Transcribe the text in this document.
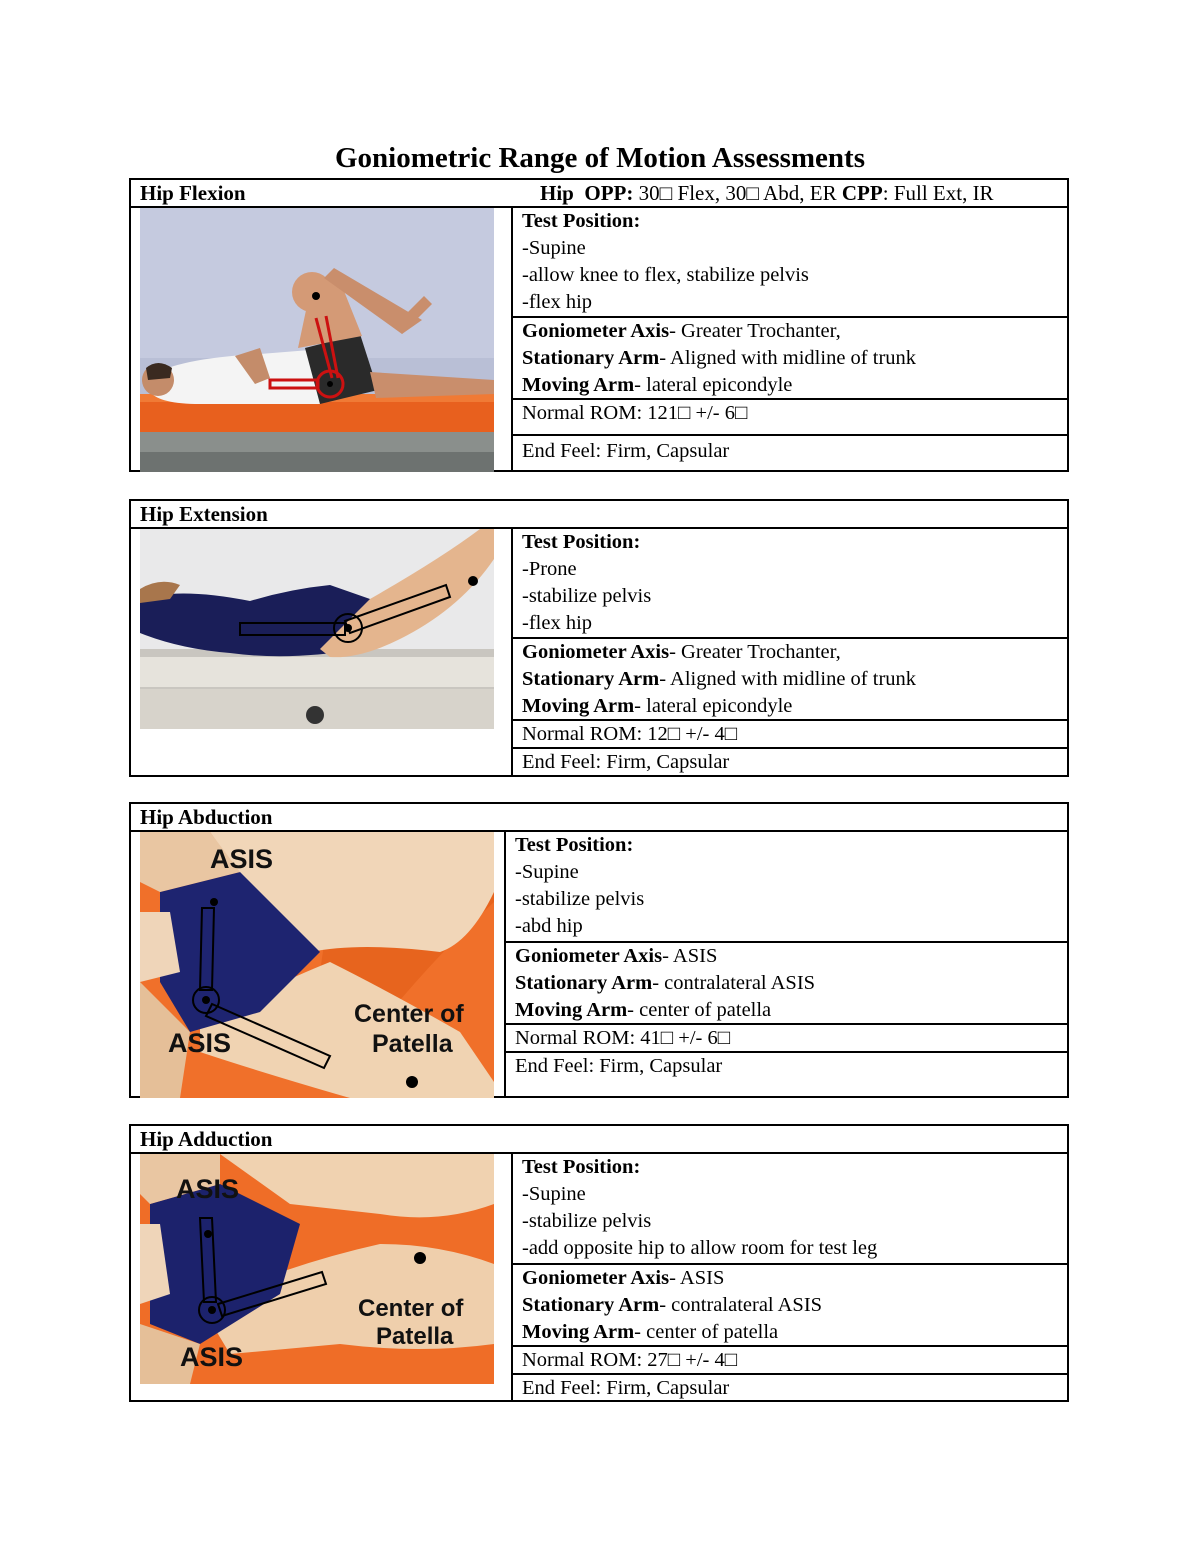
Goniometric Range of Motion Assessments
Hip Flexion	Hip OPP: 30□ Flex, 30□ Abd, ER CPP: Full Ext, IR
Test Position:
-Supine
-allow knee to flex, stabilize pelvis
-flex hip
Goniometer Axis- Greater Trochanter,
Stationary Arm- Aligned with midline of trunk
Moving Arm- lateral epicondyle
Normal ROM: 121□ +/- 6□
End Feel: Firm, Capsular
Hip Extension
Test Position:
-Prone
-stabilize pelvis
-flex hip
Goniometer Axis- Greater Trochanter,
Stationary Arm- Aligned with midline of trunk
Moving Arm- lateral epicondyle
Normal ROM: 12□ +/- 4□
End Feel: Firm, Capsular
Hip Abduction
ASIS
ASIS
Center of
Patella
Test Position:
-Supine
-stabilize pelvis
-abd hip
Goniometer Axis- ASIS
Stationary Arm- contralateral ASIS
Moving Arm- center of patella
Normal ROM: 41□ +/- 6□
End Feel: Firm, Capsular
Hip Adduction
ASIS
ASIS
Center of
Patella
Test Position:
-Supine
-stabilize pelvis
-add opposite hip to allow room for test leg
Goniometer Axis- ASIS
Stationary Arm- contralateral ASIS
Moving Arm- center of patella
Normal ROM: 27□ +/- 4□
End Feel: Firm, Capsular
